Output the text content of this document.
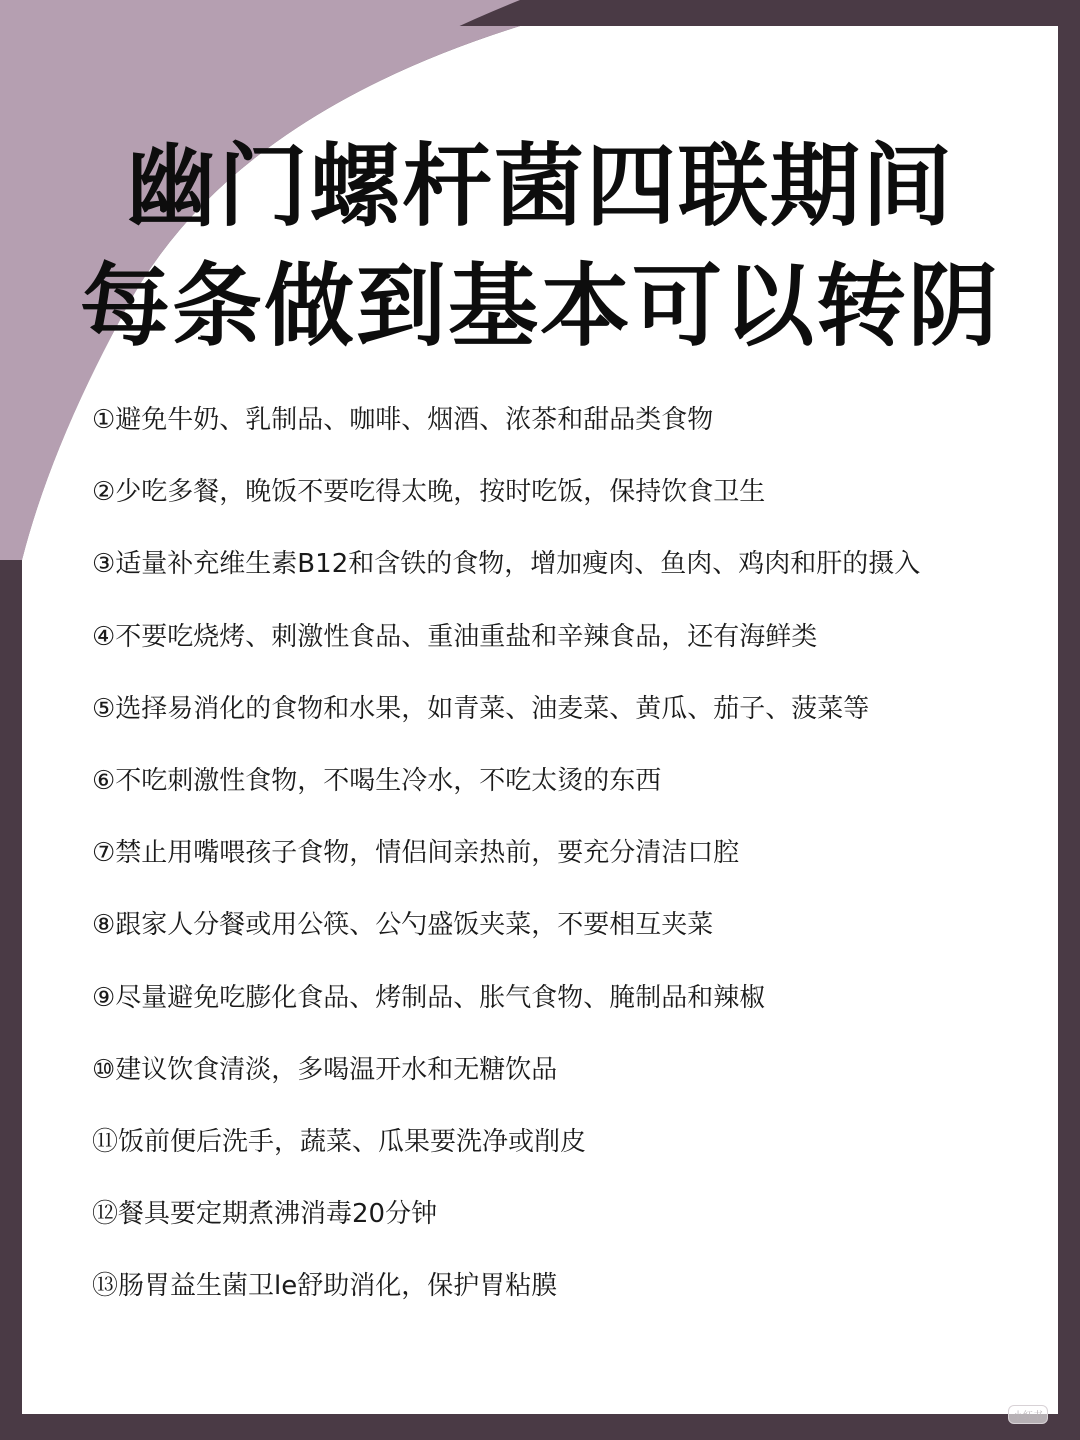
幽门螺杆菌四联期间
每条做到基本可以转阴
①避免牛奶、乳制品、咖啡、烟酒、浓茶和甜品类食物
②少吃多餐，晚饭不要吃得太晚，按时吃饭，保持饮食卫生
③适量补充维生素B12和含铁的食物，增加瘦肉、鱼肉、鸡肉和肝的摄入
④不要吃烧烤、刺激性食品、重油重盐和辛辣食品，还有海鲜类
⑤选择易消化的食物和水果，如青菜、油麦菜、黄瓜、茄子、菠菜等
⑥不吃刺激性食物，不喝生冷水，不吃太烫的东西
⑦禁止用嘴喂孩子食物，情侣间亲热前，要充分清洁口腔
⑧跟家人分餐或用公筷、公勺盛饭夹菜，不要相互夹菜
⑨尽量避免吃膨化食品、烤制品、胀气食物、腌制品和辣椒
⑩建议饮食清淡，多喝温开水和无糖饮品
⑪饭前便后洗手，蔬菜、瓜果要洗净或削皮
⑫餐具要定期煮沸消毒20分钟
⑬肠胃益生菌卫le舒助消化，保护胃粘膜
小红书
